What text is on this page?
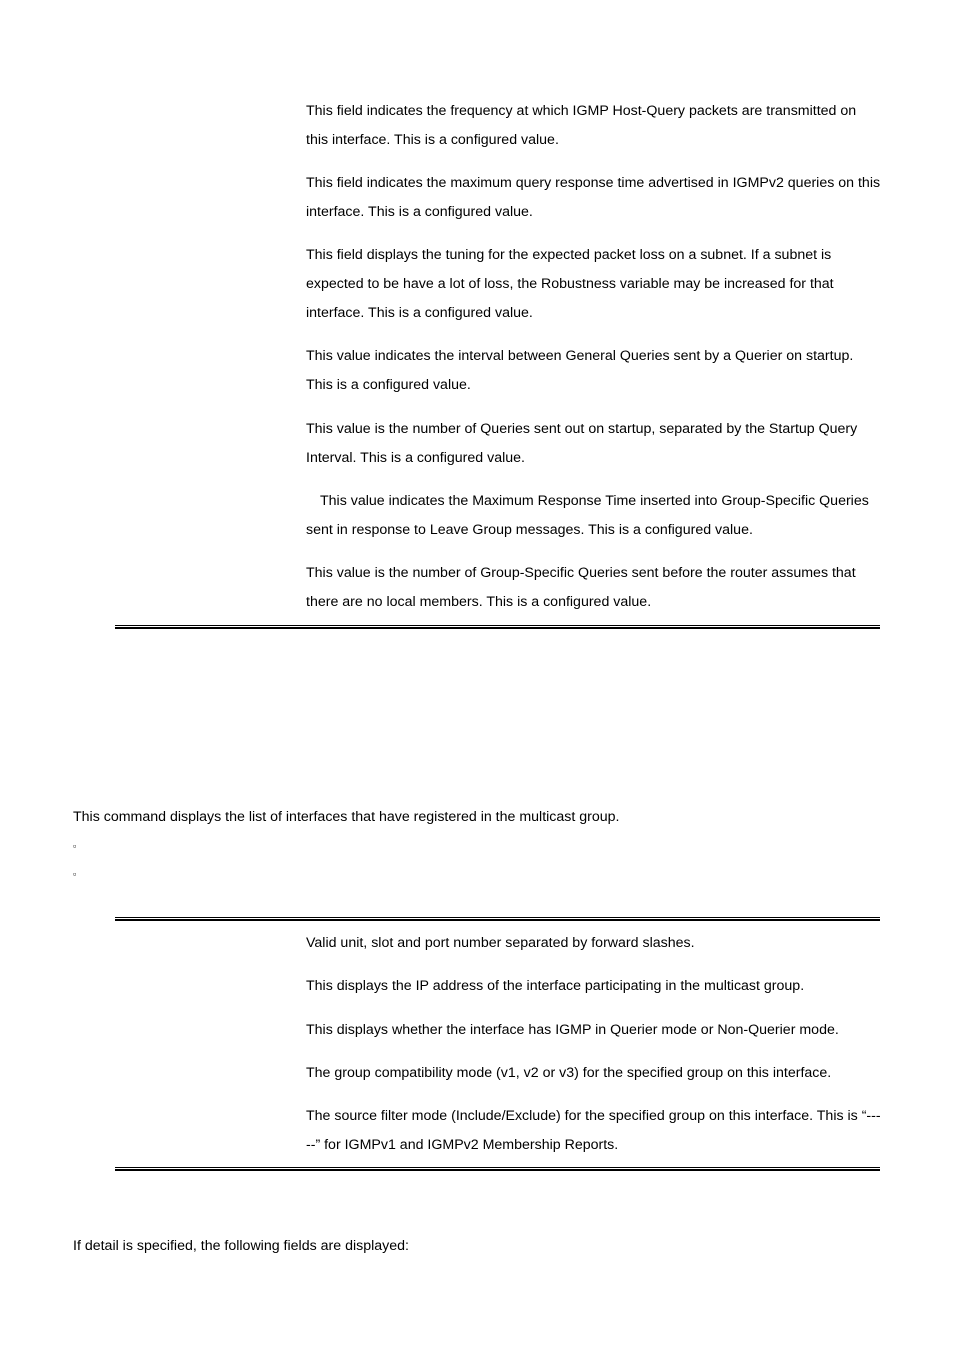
This field indicates the frequency at which IGMP Host-Query packets are transmitted on this interface. This is a configured value.

This field indicates the maximum query response time advertised in IGMPv2 queries on this interface. This is a configured value.

This field displays the tuning for the expected packet loss on a subnet. If a subnet is expected to be have a lot of loss, the Robustness variable may be increased for that interface. This is a configured value.

This value indicates the interval between General Queries sent by a Querier on startup. This is a configured value.

This value is the number of Queries sent out on startup, separated by the Startup Query Interval. This is a configured value.

This value indicates the Maximum Response Time inserted into Group-Specific Queries sent in response to Leave Group messages. This is a configured value.

This value is the number of Group-Specific Queries sent before the router assumes that there are no local members. This is a configured value.

This command displays the list of interfaces that have registered in the multicast group.

▫
▫

Valid unit, slot and port number separated by forward slashes.

This displays the IP address of the interface participating in the multicast group.

This displays whether the interface has IGMP in Querier mode or Non-Querier mode.

The group compatibility mode (v1, v2 or v3) for the specified group on this interface.

The source filter mode (Include/Exclude) for the specified group on this interface. This is “-----” for IGMPv1 and IGMPv2 Membership Reports.

If detail is specified, the following fields are displayed:
